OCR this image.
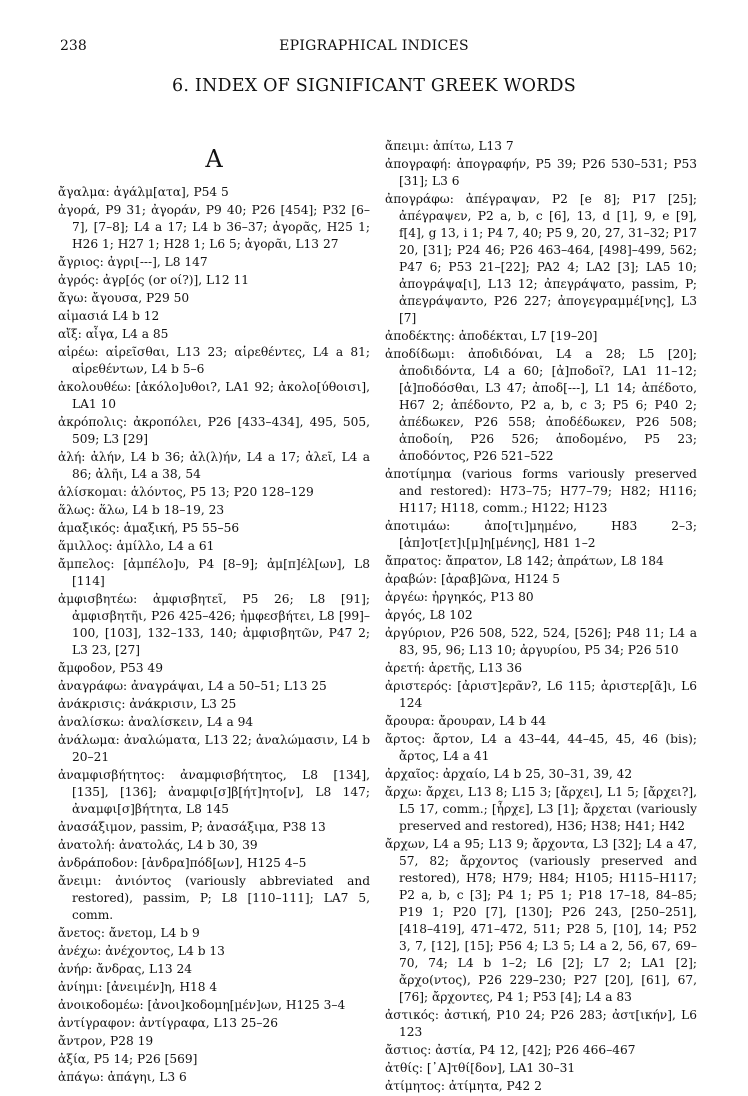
238	EPIGRAPHICAL INDICES
6. INDEX OF SIGNIFICANT GREEK WORDS
A

ἄγαλμα: ἀγάλμ[ατα], P54 5

ἀγορά, P9 31; ἀγοράν, P9 40; P26 [454]; P32 [6–7], [7–8]; L4 a 17; L4 b 36–37; ἀγορᾶς, H25 1; H26 1; H27 1; H28 1; L6 5; ἀγορᾶι, L13 27

ἄγριος: ἀγρι[---], L8 147

ἀγρός: ἀγρ[ός (or οί?)], L12 11

ἄγω: ἄγουσα, P29 50

αἱμασιά L4 b 12

αἴξ: αἶγα, L4 a 85

αἱρέω: αἱρεῖσθαι, L13 23; αἱρεθέντες, L4 a 81; αἱρεθέντων, L4 b 5–6

ἀκολουθέω: [ἀκόλο]υθοι?, LA1 92; ἀκολο[ύθοισι], LA1 10

ἀκρόπολις: ἀκροπόλει, P26 [433–434], 495, 505, 509; L3 [29]

ἀλή: ἀλήν, L4 b 36; ἀλ(λ)ήν, L4 a 17; ἀλεῖ, L4 a 86; ἀλῆι, L4 a 38, 54

ἁλίσκομαι: ἁλόντος, P5 13; P20 128–129

ἅλως: ἅλω, L4 b 18–19, 23

ἁμαξικός: ἁμαξική, P5 55–56

ἅμιλλος: ἁμίλλο, L4 a 61

ἄμπελος: [ἀμπέλο]υ, P4 [8–9]; ἀμ[π]έλ[ων], L8 [114]

ἀμφισβητέω: ἀμφισβητεῖ, P5 26; L8 [91]; ἀμφισβητῆι, P26 425–426; ἠμφεσβήτει, L8 [99]–100, [103], 132–133, 140; ἀμφισβητῶν, P47 2; L3 23, [27]

ἄμφοδον, P53 49

ἀναγράφω: ἀναγράψαι, L4 a 50–51; L13 25

ἀνάκρισις: ἀνάκρισιν, L3 25

ἀναλίσκω: ἀναλίσκειν, L4 a 94

ἀνάλωμα: ἀναλώματα, L13 22; ἀναλώμασιν, L4 b 20–21

ἀναμφισβήτητος: ἀναμφισβήτητος, L8 [134], [135], [136]; ἀναμφι[σ]β[ήτ]ητο[ν], L8 147; ἀναμφι[σ]βήτητα, L8 145

ἀνασάξιμον, passim, P; ἀνασάξιμα, P38 13

ἀνατολή: ἀνατολάς, L4 b 30, 39

ἀνδράποδον: [ἀνδρα]πόδ[ων], H125 4–5

ἄνειμι: ἀνιόντος (variously abbreviated and restored), passim, P; L8 [110–111]; LA7 5, comm.

ἄνετος: ἄνετομ, L4 b 9

ἀνέχω: ἀνέχοντος, L4 b 13

ἀνήρ: ἄνδρας, L13 24

ἀνίημι: [ἀνειμέν]η, H18 4

ἀνοικοδομέω: [ἀνοι]κοδομη[μέν]ων, H125 3–4

ἀντίγραφον: ἀντίγραφα, L13 25–26

ἄντρον, P28 19

ἀξία, P5 14; P26 [569]

ἀπάγω: ἀπάγηι, L3 6

ἄπειμι: ἀπίτω, L13 7

ἀπογραφή: ἀπογραφήν, P5 39; P26 530–531; P53 [31]; L3 6

ἀπογράφω: ἀπέγραψαν, P2 [e 8]; P17 [25]; ἀπέγραψεν, P2 a, b, c [6], 13, d [1], 9, e [9], f[4], g 13, i 1; P4 7, 40; P5 9, 20, 27, 31–32; P17 20, [31]; P24 46; P26 463–464, [498]–499, 562; P47 6; P53 21–[22]; PA2 4; LA2 [3]; LA5 10; ἀπογράψα[ι], L13 12; ἀπεγράψατο, passim, P; ἀπεγράψαντο, P26 227; ἀπογεγραμμέ[νης], L3 [7]

ἀποδέκτης: ἀποδέκται, L7 [19–20]

ἀποδίδωμι: ἀποδιδόναι, L4 a 28; L5 [20]; ἀποδιδόντα, L4 a 60; [ἀ]ποδοῖ?, LA1 11–12; [ἀ]ποδόσθαι, L3 47; ἀποδ[---], L1 14; ἀπέδοτο, H67 2; ἀπέδοντο, P2 a, b, c 3; P5 6; P40 2; ἀπέδωκεν, P26 558; ἀποδέδωκεν, P26 508; ἀποδοίη, P26 526; ἀποδομένο, P5 23; ἀποδόντος, P26 521–522

ἀποτίμημα (various forms variously preserved and restored): H73–75; H77–79; H82; H116; H117; H118, comm.; H122; H123

ἀποτιμάω: ἀπο[τι]μημένο, H83 2–3; [ἀπ]οτ[ετ]ι[μ]η[μένης], H81 1–2

ἄπρατος: ἄπρατον, L8 142; ἀπράτων, L8 184

ἀραβών: [ἀραβ]ῶνα, H124 5

ἀργέω: ἠργηκός, P13 80

ἀργός, L8 102

ἀργύριον, P26 508, 522, 524, [526]; P48 11; L4 a 83, 95, 96; L13 10; ἀργυρίου, P5 34; P26 510

ἀρετή: ἀρετῆς, L13 36

ἀριστερός: [ἀριστ]ερᾶν?, L6 115; ἀριστερ[ᾶ]ι, L6 124

ἄρουρα: ἄρουραν, L4 b 44

ἄρτος: ἄρτον, L4 a 43–44, 44–45, 45, 46 (bis); ἄρτος, L4 a 41

ἀρχαῖος: ἀρχαίο, L4 b 25, 30–31, 39, 42

ἄρχω: ἄρχει, L13 8; L15 3; [ἄρχει], L1 5; [ἄρχει?], L5 17, comm.; [ἦρχε], L3 [1]; ἄρχεται (variously preserved and restored), H36; H38; H41; H42

ἄρχων, L4 a 95; L13 9; ἄρχοντα, L3 [32]; L4 a 47, 57, 82; ἄρχοντος (variously preserved and restored), H78; H79; H84; H105; H115–H117; P2 a, b, c [3]; P4 1; P5 1; P18 17–18, 84–85; P19 1; P20 [7], [130]; P26 243, [250–251], [418–419], 471–472, 511; P28 5, [10], 14; P52 3, 7, [12], [15]; P56 4; L3 5; L4 a 2, 56, 67, 69–70, 74; L4 b 1–2; L6 [2]; L7 2; LA1 [2]; ἄρχο(ντος), P26 229–230; P27 [20], [61], 67, [76]; ἄρχοντες, P4 1; P53 [4]; L4 a 83

ἀστικός: ἀστική, P10 24; P26 283; ἀστ[ικήν], L6 123

ἄστιος: ἀστία, P4 12, [42]; P26 466–467

ἀτθίς: [᾿Α]τθί[δον], LA1 30–31

ἀτίμητος: ἀτίμητα, P42 2
